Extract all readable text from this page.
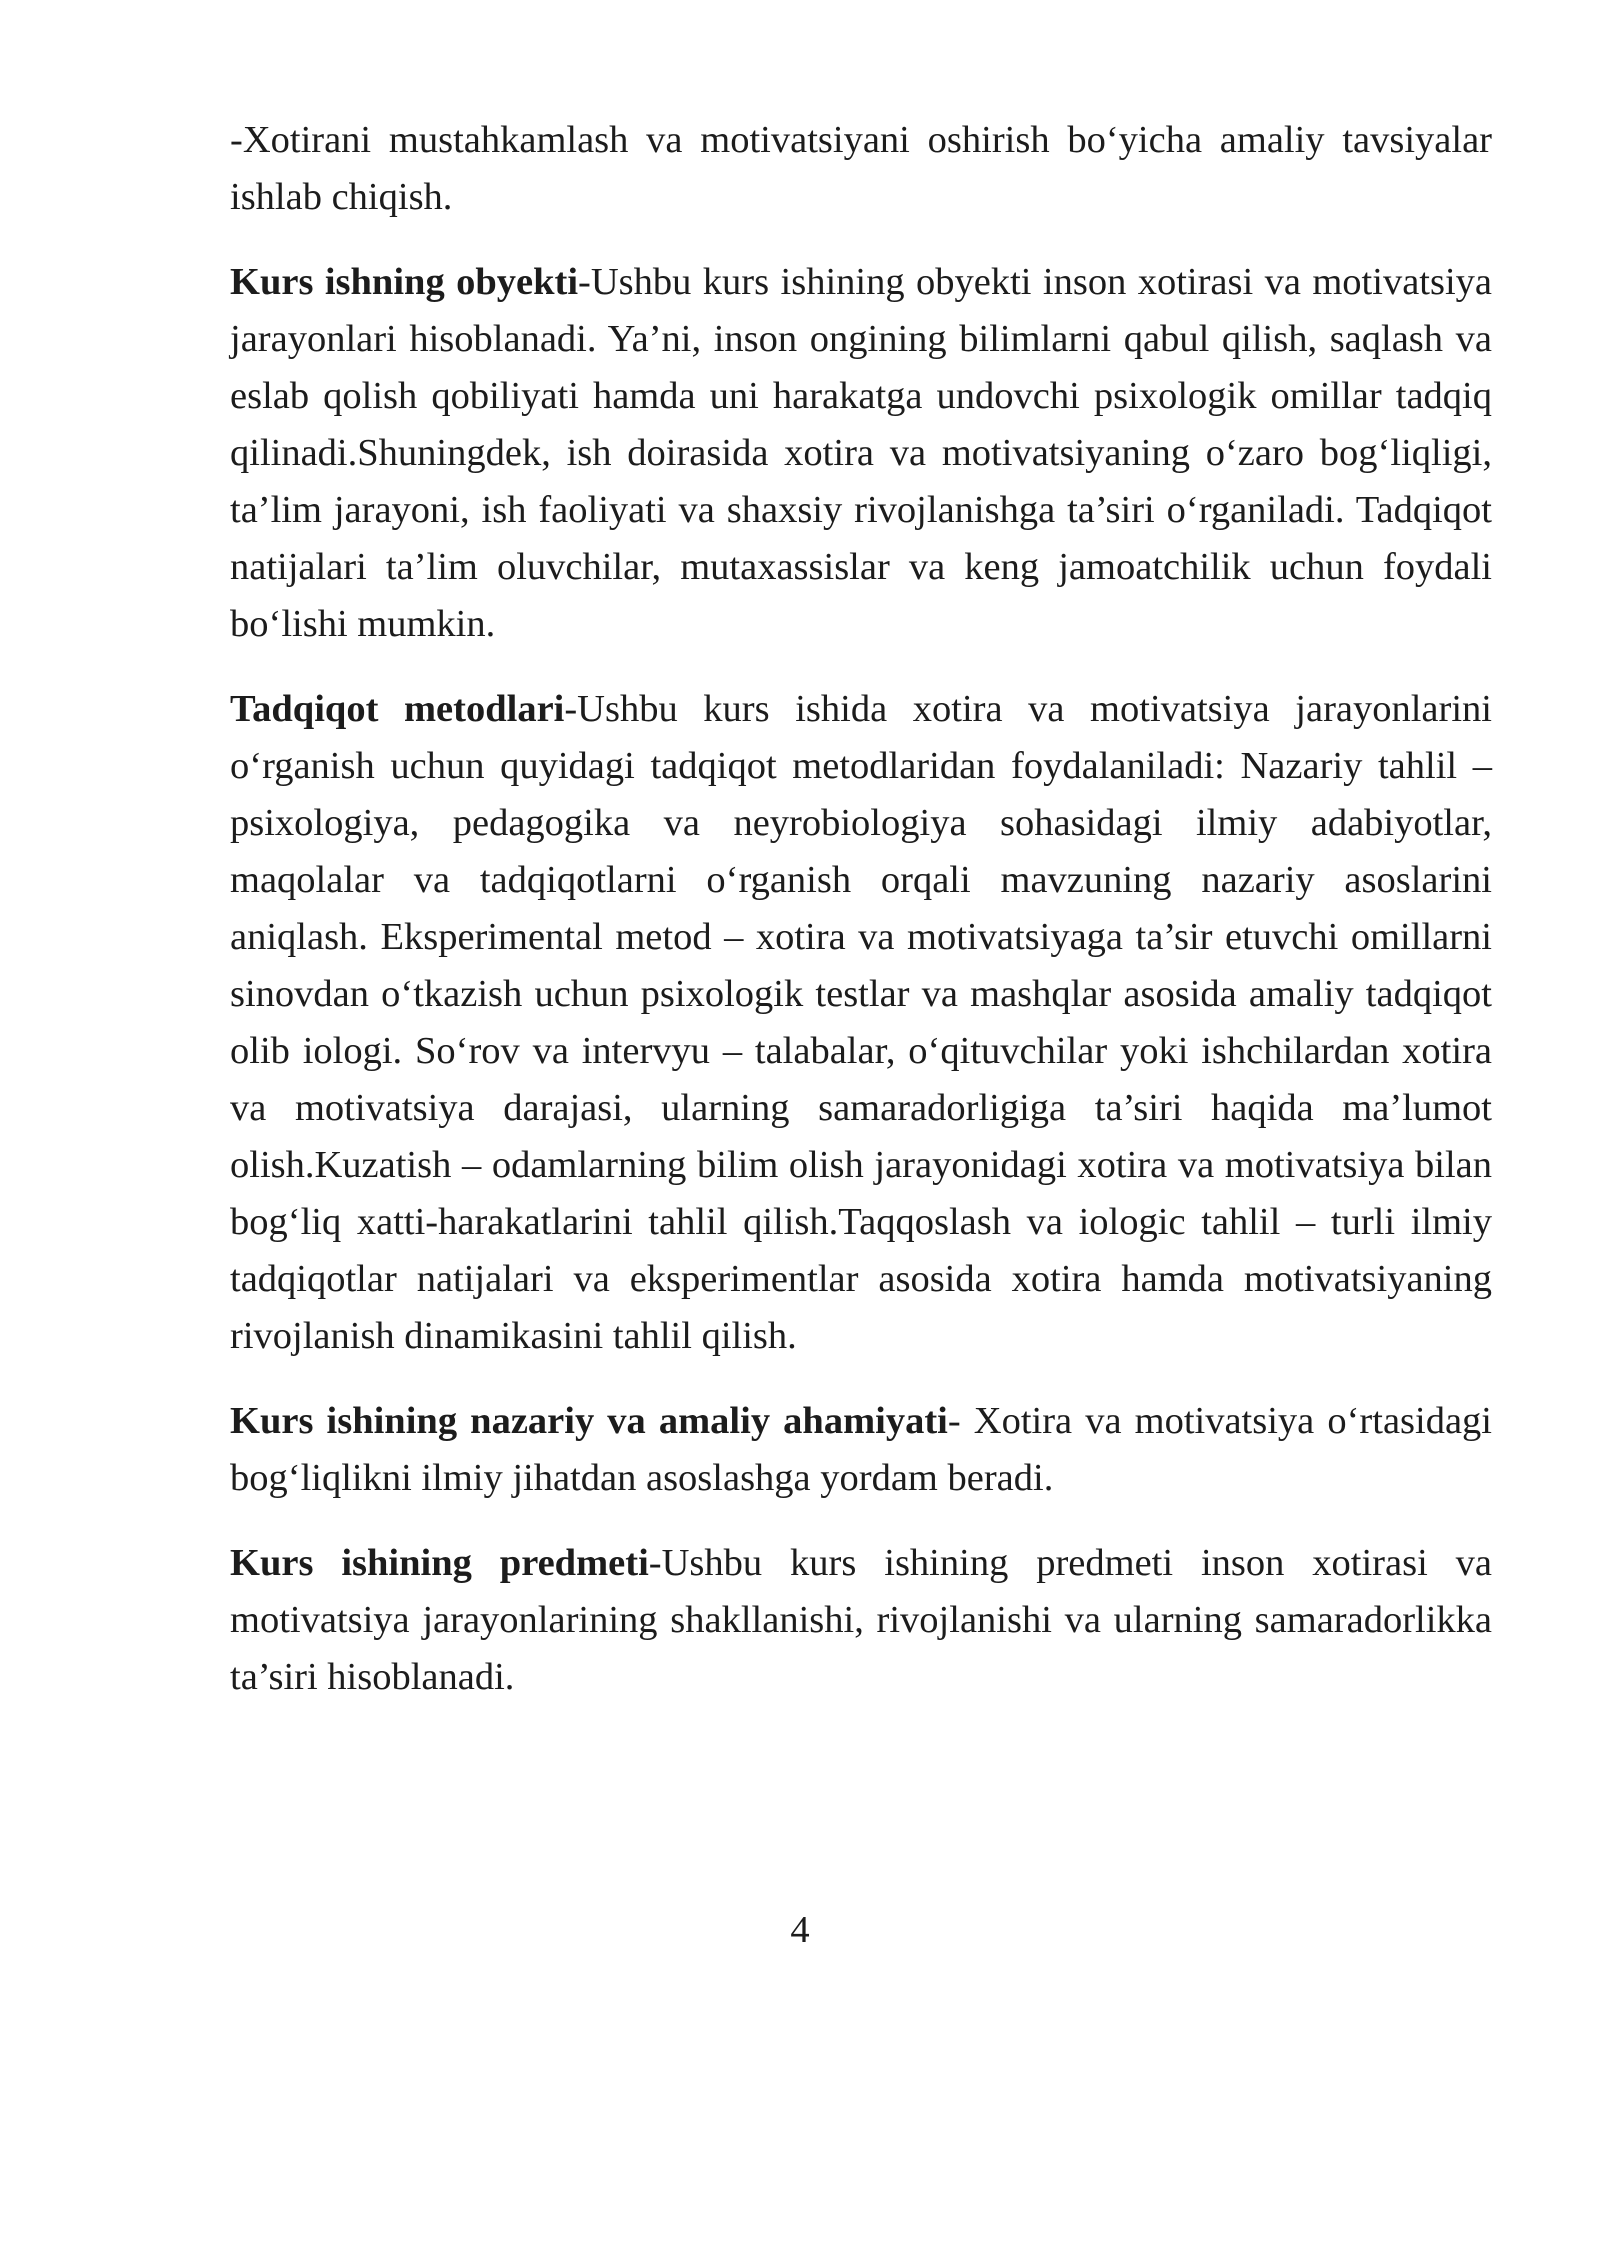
-Xotirani mustahkamlash va motivatsiyani oshirish bo‘yicha amaliy tavsiyalar ishlab chiqish.

Kurs ishning obyekti-Ushbu kurs ishining obyekti inson xotirasi va motivatsiya jarayonlari hisoblanadi. Ya’ni, inson ongining bilimlarni qabul qilish, saqlash va eslab qolish qobiliyati hamda uni harakatga undovchi psixologik omillar tadqiq qilinadi.Shuningdek, ish doirasida xotira va motivatsiyaning o‘zaro bog‘liqligi, ta’lim jarayoni, ish faoliyati va shaxsiy rivojlanishga ta’siri o‘rganiladi. Tadqiqot natijalari ta’lim oluvchilar, mutaxassislar va keng jamoatchilik uchun foydali bo‘lishi mumkin.

Tadqiqot metodlari-Ushbu kurs ishida xotira va motivatsiya jarayonlarini o‘rganish uchun quyidagi tadqiqot metodlaridan foydalaniladi: Nazariy tahlil – psixologiya, pedagogika va neyrobiologiya sohasidagi ilmiy adabiyotlar, maqolalar va tadqiqotlarni o‘rganish orqali mavzuning nazariy asoslarini aniqlash. Eksperimental metod – xotira va motivatsiyaga ta’sir etuvchi omillarni sinovdan o‘tkazish uchun psixologik testlar va mashqlar asosida amaliy tadqiqot olib iologi. So‘rov va intervyu – talabalar, o‘qituvchilar yoki ishchilardan xotira va motivatsiya darajasi, ularning samaradorligiga ta’siri haqida ma’lumot olish.Kuzatish – odamlarning bilim olish jarayonidagi xotira va motivatsiya bilan bog‘liq xatti-harakatlarini tahlil qilish.Taqqoslash va iologic tahlil – turli ilmiy tadqiqotlar natijalari va eksperimentlar asosida xotira hamda motivatsiyaning rivojlanish dinamikasini tahlil qilish.

Kurs ishining nazariy va amaliy ahamiyati- Xotira va motivatsiya o‘rtasidagi bog‘liqlikni ilmiy jihatdan asoslashga yordam beradi.

Kurs ishining predmeti-Ushbu kurs ishining predmeti inson xotirasi va motivatsiya jarayonlarining shakllanishi, rivojlanishi va ularning samaradorlikka ta’siri hisoblanadi.

4
